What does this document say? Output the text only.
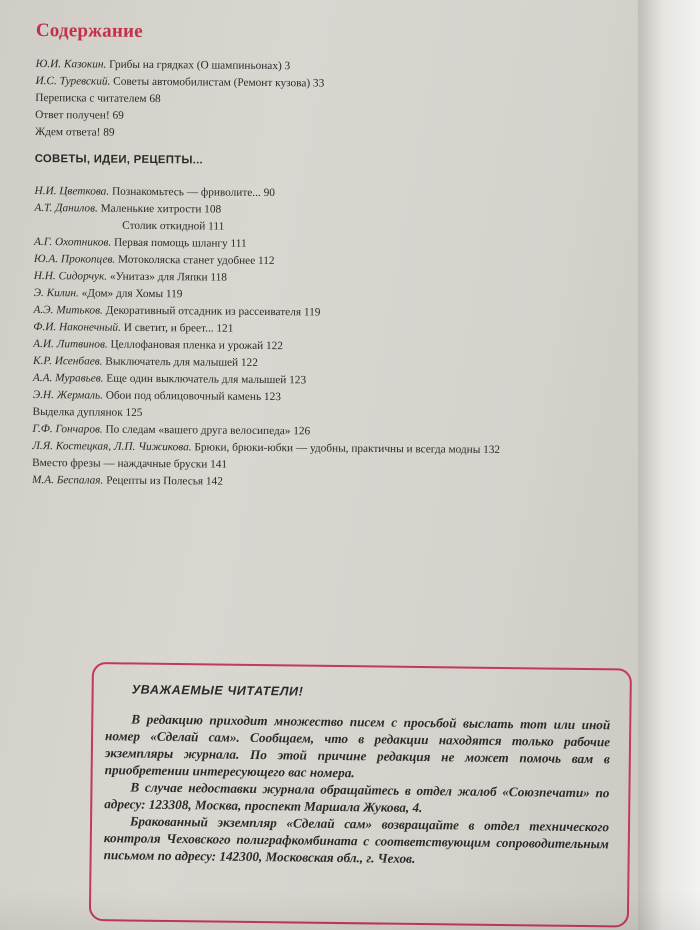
Содержание
Ю.И. Казокин. Грибы на грядках (О шампиньонах) 3
И.С. Туревский. Советы автомобилистам (Ремонт кузова) 33
Переписка с читателем 68
Ответ получен! 69
Ждем ответа! 89
СОВЕТЫ, ИДЕИ, РЕЦЕПТЫ...
Н.И. Цветкова. Познакомьтесь — фриволите... 90
А.Т. Данилов. Маленькие хитрости 108
Столик откидной 111
А.Г. Охотников. Первая помощь шлангу 111
Ю.А. Прокопцев. Мотоколяска станет удобнее 112
Н.Н. Сидорчук. «Унитаз» для Ляпки 118
Э. Килин. «Дом» для Хомы 119
А.Э. Митьков. Декоративный отсадник из рассеивателя 119
Ф.И. Наконечный. И светит, и бреет... 121
А.И. Литвинов. Целлофановая пленка и урожай 122
К.Р. Исенбаев. Выключатель для малышей 122
А.А. Муравьев. Еще один выключатель для малышей 123
Э.Н. Жермаль. Обои под облицовочный камень 123
Выделка дуплянок 125
Г.Ф. Гончаров. По следам «вашего друга велосипеда» 126
Л.Я. Костецкая, Л.П. Чижикова. Брюки, брюки-юбки — удобны, практичны и всегда модны 132
Вместо фрезы — наждачные бруски 141
М.А. Беспалая. Рецепты из Полесья 142
УВАЖАЕМЫЕ ЧИТАТЕЛИ!

В редакцию приходит множество писем с просьбой выслать тот или иной номер «Сделай сам». Сообщаем, что в редакции находятся только рабочие экземпляры журнала. По этой причине редакция не может помочь вам в приобретении интересующего вас номера.

В случае недоставки журнала обращайтесь в отдел жалоб «Союзпечати» по адресу: 123308, Москва, проспект Маршала Жукова, 4.

Бракованный экземпляр «Сделай сам» возвращайте в отдел технического контроля Чеховского полиграфкомбината с соответствующим сопроводительным письмом по адресу: 142300, Московская обл., г. Чехов.
